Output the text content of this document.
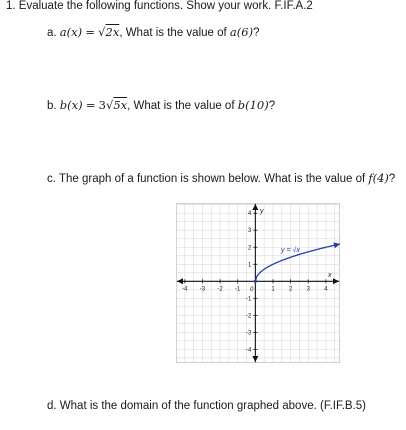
1. Evaluate the following functions. Show your work. F.IF.A.2
a. a(x) = √2x, What is the value of a(6)?
b. b(x) = 3√5x, What is the value of b(10)?
c. The graph of a function is shown below. What is the value of f(4)?
-4 -3 -2 -1	1 2 3 4
4
3
2
1
-1
-2
-3
-4
x
y
y = √x
0
d. What is the domain of the function graphed above. (F.IF.B.5)
